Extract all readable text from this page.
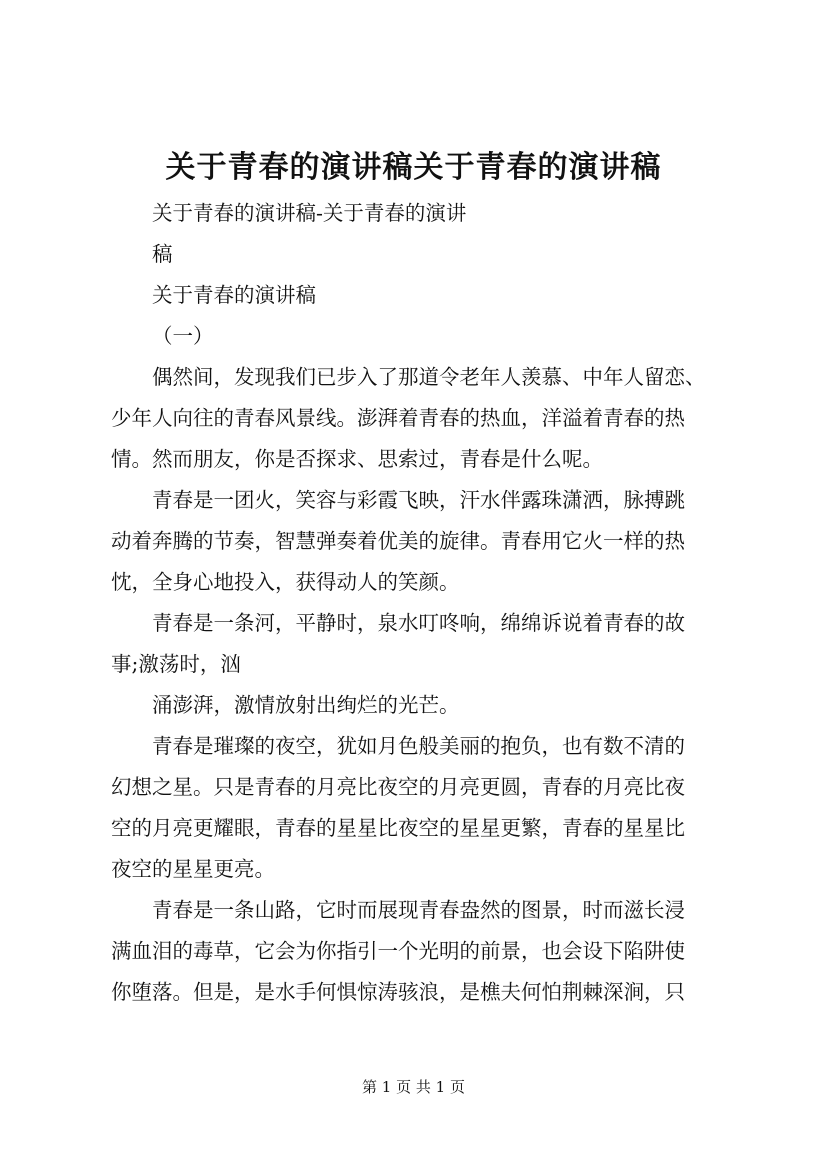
关于青春的演讲稿关于青春的演讲稿
关于青春的演讲稿-关于青春的演讲
稿
关于青春的演讲稿
（一）
偶然间，发现我们已步入了那道令老年人羡慕、中年人留恋、
少年人向往的青春风景线。澎湃着青春的热血，洋溢着青春的热
情。然而朋友，你是否探求、思索过，青春是什么呢。
青春是一团火，笑容与彩霞飞映，汗水伴露珠潇洒，脉搏跳
动着奔腾的节奏，智慧弹奏着优美的旋律。青春用它火一样的热
忱，全身心地投入，获得动人的笑颜。
青春是一条河，平静时，泉水叮咚响，绵绵诉说着青春的故
事;激荡时，汹
涌澎湃，激情放射出绚烂的光芒。
青春是璀璨的夜空，犹如月色般美丽的抱负，也有数不清的
幻想之星。只是青春的月亮比夜空的月亮更圆，青春的月亮比夜
空的月亮更耀眼，青春的星星比夜空的星星更繁，青春的星星比
夜空的星星更亮。
青春是一条山路，它时而展现青春盎然的图景，时而滋长浸
满血泪的毒草，它会为你指引一个光明的前景，也会设下陷阱使
你堕落。但是，是水手何惧惊涛骇浪，是樵夫何怕荆棘深涧，只
第 1 页 共 1 页
